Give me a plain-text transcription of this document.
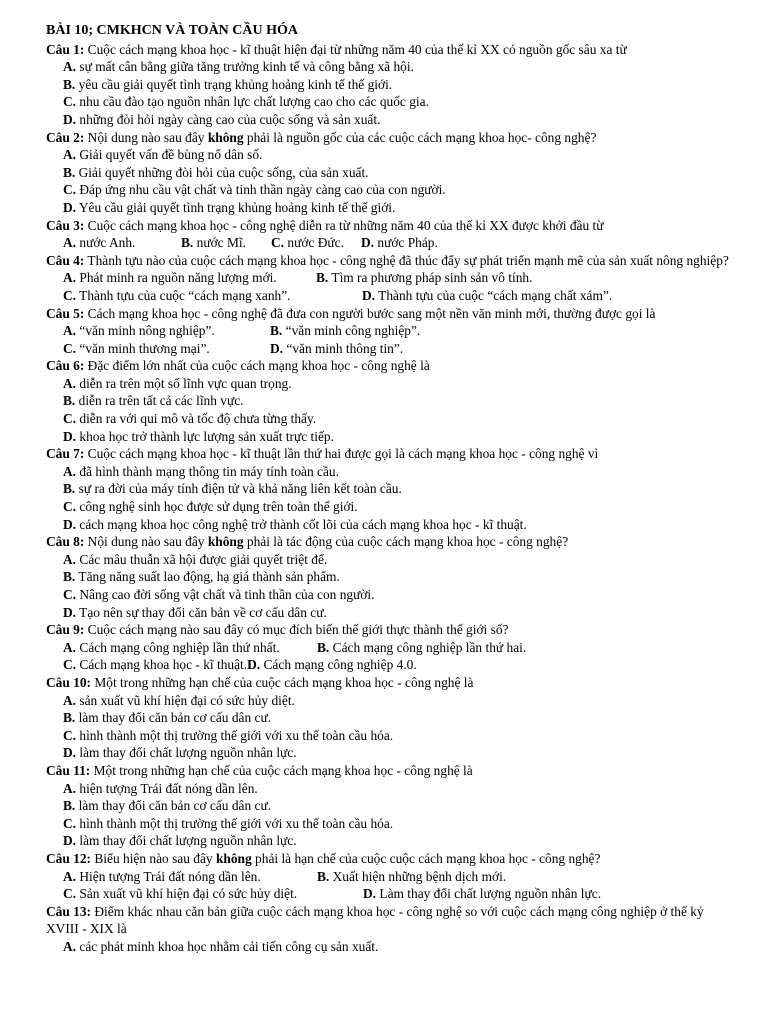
BÀI 10; CMKHCN VÀ TOÀN CẦU HÓA
Câu 1: Cuộc cách mạng khoa học - kĩ thuật hiện đại từ những năm 40 của thế kỉ XX có nguồn gốc sâu xa từ
A. sự mất cân bằng giữa tăng trưởng kinh tế và công bằng xã hội.
B. yêu cầu giải quyết tình trạng khủng hoảng kinh tế thế giới.
C. nhu cầu đào tạo nguồn nhân lực chất lượng cao cho các quốc gia.
D. những đòi hỏi ngày càng cao của cuộc sống và sản xuất.
Câu 2: Nội dung nào sau đây không phải là nguồn gốc của các cuộc cách mạng khoa học- công nghệ?
A. Giải quyết vấn đề bùng nổ dân số.
B. Giải quyết những đòi hỏi của cuộc sống, của sản xuất.
C. Đáp ứng nhu cầu vật chất và tinh thần ngày càng cao của con người.
D. Yêu cầu giải quyết tình trạng khủng hoảng kinh tế thế giới.
Câu 3: Cuộc cách mạng khoa học - công nghệ diễn ra từ những năm 40 của thế kỉ XX được khởi đầu từ
A. nước Anh.	B. nước Mĩ. C. nước Đức. D. nước Pháp.
Câu 4: Thành tựu nào của cuộc cách mạng khoa học - công nghệ đã thúc đẩy sự phát triển mạnh mẽ của sản xuất nông nghiệp?
A. Phát minh ra nguồn năng lượng mới.	B. Tìm ra phương pháp sinh sản vô tính.
C. Thành tựu của cuộc “cách mạng xanh”.	D. Thành tựu của cuộc “cách mạng chất xám”.
Câu 5: Cách mạng khoa học - công nghệ đã đưa con người bước sang một nền văn minh mới, thường được gọi là
A. “văn minh nông nghiệp”.	B. “văn minh công nghiệp”.
C. “văn minh thương mại”.	D. “văn minh thông tin”.
Câu 6: Đặc điểm lớn nhất của cuộc cách mạng khoa học - công nghệ là
A. diễn ra trên một số lĩnh vực quan trọng.
B. diễn ra trên tất cả các lĩnh vực.
C. diễn ra với qui mô và tốc độ chưa từng thấy.
D. khoa học trở thành lực lượng sản xuất trực tiếp.
Câu 7: Cuộc cách mạng khoa học - kĩ thuật lần thứ hai được gọi là cách mạng khoa học - công nghệ vì
A. đã hình thành mạng thông tin máy tính toàn cầu.
B. sự ra đời của máy tính điện tử và khả năng liên kết toàn cầu.
C. công nghệ sinh học được sử dụng trên toàn thế giới.
D. cách mạng khoa học công nghệ trở thành cốt lõi của cách mạng khoa học - kĩ thuật.
Câu 8: Nội dung nào sau đây không phải là tác động của cuộc cách mạng khoa học - công nghệ?
A. Các mâu thuẫn xã hội được giải quyết triệt để.
B. Tăng năng suất lao động, hạ giá thành sản phẩm.
C. Nâng cao đời sống vật chất và tinh thần của con người.
D. Tạo nên sự thay đổi căn bản về cơ cấu dân cư.
Câu 9: Cuộc cách mạng nào sau đây có mục đích biến thế giới thực thành thế giới số?
A. Cách mạng công nghiệp lần thứ nhất.	B. Cách mạng công nghiệp lần thứ hai.
C. Cách mạng khoa học - kĩ thuật.D. Cách mạng công nghiệp 4.0.
Câu 10: Một trong những hạn chế của cuộc cách mạng khoa học - công nghệ là
A. sản xuất vũ khí hiện đại có sức hủy diệt.
B. làm thay đổi căn bản cơ cấu dân cư.
C. hình thành một thị trường thế giới với xu thế toàn cầu hóa.
D. làm thay đổi chất lượng nguồn nhân lực.
Câu 11: Một trong những hạn chế của cuộc cách mạng khoa học - công nghệ là
A. hiện tượng Trái đất nóng dần lên.
B. làm thay đổi căn bản cơ cấu dân cư.
C. hình thành một thị trường thế giới với xu thế toàn cầu hóa.
D. làm thay đổi chất lượng nguồn nhân lực.
Câu 12: Biểu hiện nào sau đây không phải là hạn chế của cuộc cuộc cách mạng khoa học - công nghệ?
A. Hiện tượng Trái đất nóng dần lên.	B. Xuất hiện những bệnh dịch mới.
C. Sản xuất vũ khí hiện đại có sức hủy diệt.	D. Làm thay đổi chất lượng nguồn nhân lực.
Câu 13: Điểm khác nhau căn bản giữa cuộc cách mạng khoa học - công nghệ so với cuộc cách mạng công nghiệp ở thế kỷ XVIII - XIX là
A. các phát minh khoa học nhằm cải tiến công cụ sản xuất.
